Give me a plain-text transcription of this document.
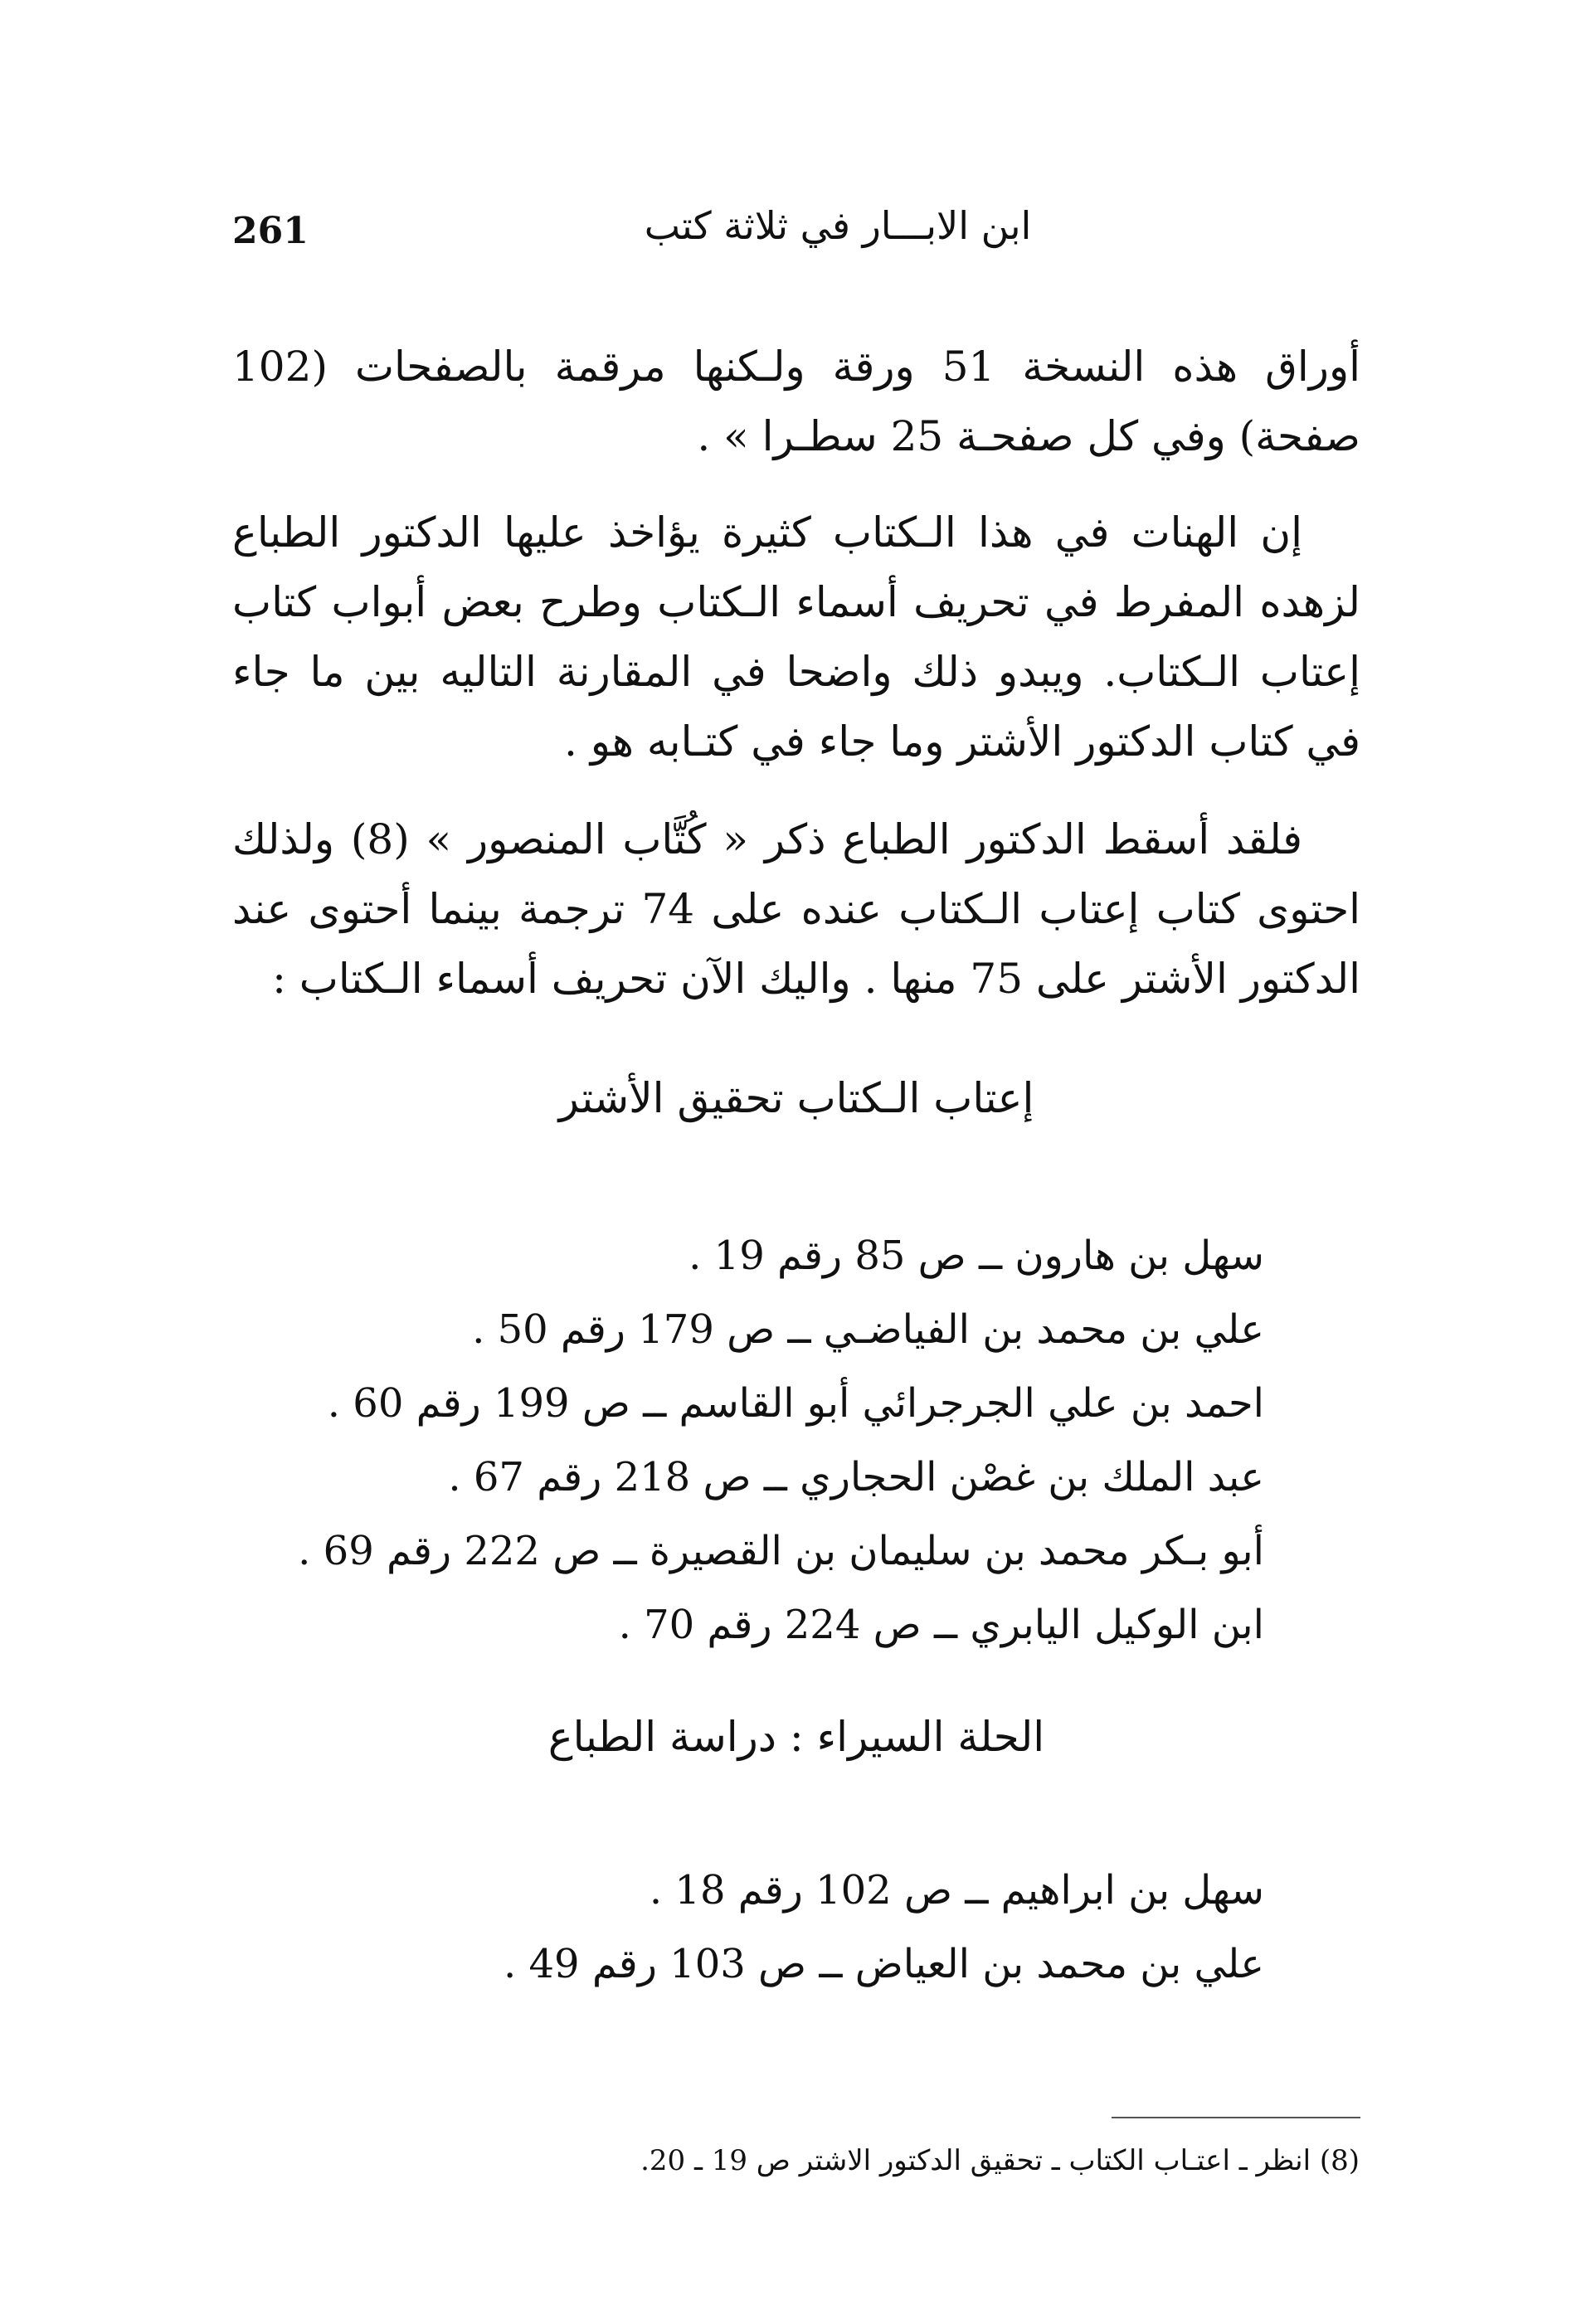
261	ابن الابـــار في ثلاثة كتب

أوراق هذه النسخة 51 ورقة ولـكنها مرقمة بالصفحات (102 صفحة) وفي كل صفحـة 25 سطـرا » .

إن الهنات في هذا الـكتاب كثيرة يؤاخذ عليها الدكتور الطباع لزهده المفرط في تحريف أسماء الـكتاب وطرح بعض أبواب كتاب إعتاب الـكتاب. ويبدو ذلك واضحا في المقارنة التاليه بين ما جاء في كتاب الدكتور الأشتر وما جاء في كتـابه هو .

فلقد أسقط الدكتور الطباع ذكر « كُتَّاب المنصور » (8) ولذلك احتوى كتاب إعتاب الـكتاب عنده على 74 ترجمة بينما أحتوى عند الدكتور الأشتر على 75 منها . واليك الآن تحريف أسماء الـكتاب :

إعتاب الـكتاب تحقيق الأشتر
سهل بن هارون ــ ص 85 رقم 19 .
علي بن محمد بن الفياضـي ــ ص 179 رقم 50 .
احمد بن علي الجرجرائي أبو القاسم ــ ص 199 رقم 60 .
عبد الملك بن غصْن الحجاري ــ ص 218 رقم 67 .
أبو بـكر محمد بن سليمان بن القصيرة ــ ص 222 رقم 69 .
ابن الوكيل اليابري ــ ص 224 رقم 70 .
الحلة السيراء : دراسة الطباع
سهل بن ابراهيم ــ ص 102 رقم 18 .
علي بن محمد بن العياض ــ ص 103 رقم 49 .
(8) انظر ـ اعتـاب الكتاب ـ تحقيق الدكتور الاشتر ص 19 ـ 20.
